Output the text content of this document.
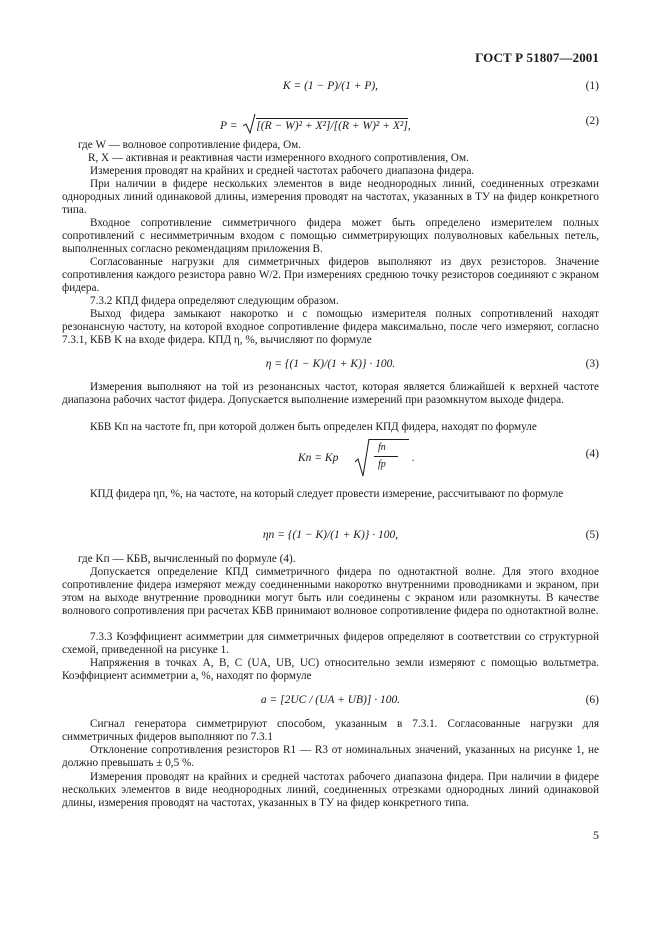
ГОСТ Р 51807—2001
K = (1 − P)/(1 + P),	(1)
P = [(R − W)² + X²]/[(R + W)² + X²],	(2)
где W — волновое сопротивление фидера, Ом.
R, X — активная и реактивная части измеренного входного сопротивления, Ом.
Измерения проводят на крайних и средней частотах рабочего диапазона фидера.
При наличии в фидере нескольких элементов в виде неоднородных линий, соединенных отрезками однородных линий одинаковой длины, измерения проводят на частотах, указанных в ТУ на фидер конкретного типа.
Входное сопротивление симметричного фидера может быть определено измерителем полных сопротивлений с несимметричным входом с помощью симметрирующих полуволновых кабельных петель, выполненных согласно рекомендациям приложения В.
Согласованные нагрузки для симметричных фидеров выполняют из двух резисторов. Значение сопротивления каждого резистора равно W/2. При измерениях среднюю точку резисторов соединяют с экраном фидера.
7.3.2 КПД фидера определяют следующим образом.
Выход фидера замыкают накоротко и с помощью измерителя полных сопротивлений находят резонансную частоту, на которой входное сопротивление фидера максимально, после чего измеряют, согласно 7.3.1, КБВ K на входе фидера. КПД η, %, вычисляют по формуле
η = {(1 − K)/(1 + K)} · 100.	(3)
Измерения выполняют на той из резонансных частот, которая является ближайшей к верхней частоте диапазона рабочих частот фидера. Допускается выполнение измерений при разомкнутом выходе фидера.
КБВ Kп на частоте fп, при которой должен быть определен КПД фидера, находят по формуле
Kп = Kр
fп
fр
.	(4)
КПД фидера ηп, %, на частоте, на который следует провести измерение, рассчитывают по формуле
ηп = {(1 − K)/(1 + K)} · 100,	(5)
где Kп — КБВ, вычисленный по формуле (4).
Допускается определение КПД симметричного фидера по однотактной волне. Для этого входное сопротивление фидера измеряют между соединенными накоротко внутренними проводниками и экраном, при этом на выходе внутренние проводники могут быть или соединены с экраном или разомкнуты. В качестве волнового сопротивления при расчетах КБВ принимают волновое сопротивление фидера по однотактной волне.
7.3.3 Коэффициент асимметрии для симметричных фидеров определяют в соответствии со структурной схемой, приведенной на рисунке 1.
Напряжения в точках A, B, C (UA, UB, UC) относительно земли измеряют с помощью вольтметра. Коэффициент асимметрии a, %, находят по формуле
a = [2UC / (UA + UB)] · 100.	(6)
Сигнал генератора симметрируют способом, указанным в 7.3.1. Согласованные нагрузки для симметричных фидеров выполняют по 7.3.1
Отклонение сопротивления резисторов R1 — R3 от номинальных значений, указанных на рисунке 1, не должно превышать ± 0,5 %.
Измерения проводят на крайних и средней частотах рабочего диапазона фидера. При наличии в фидере нескольких элементов в виде неоднородных линий, соединенных отрезками однородных линий одинаковой длины, измерения проводят на частотах, указанных в ТУ на фидер конкретного типа.
5
